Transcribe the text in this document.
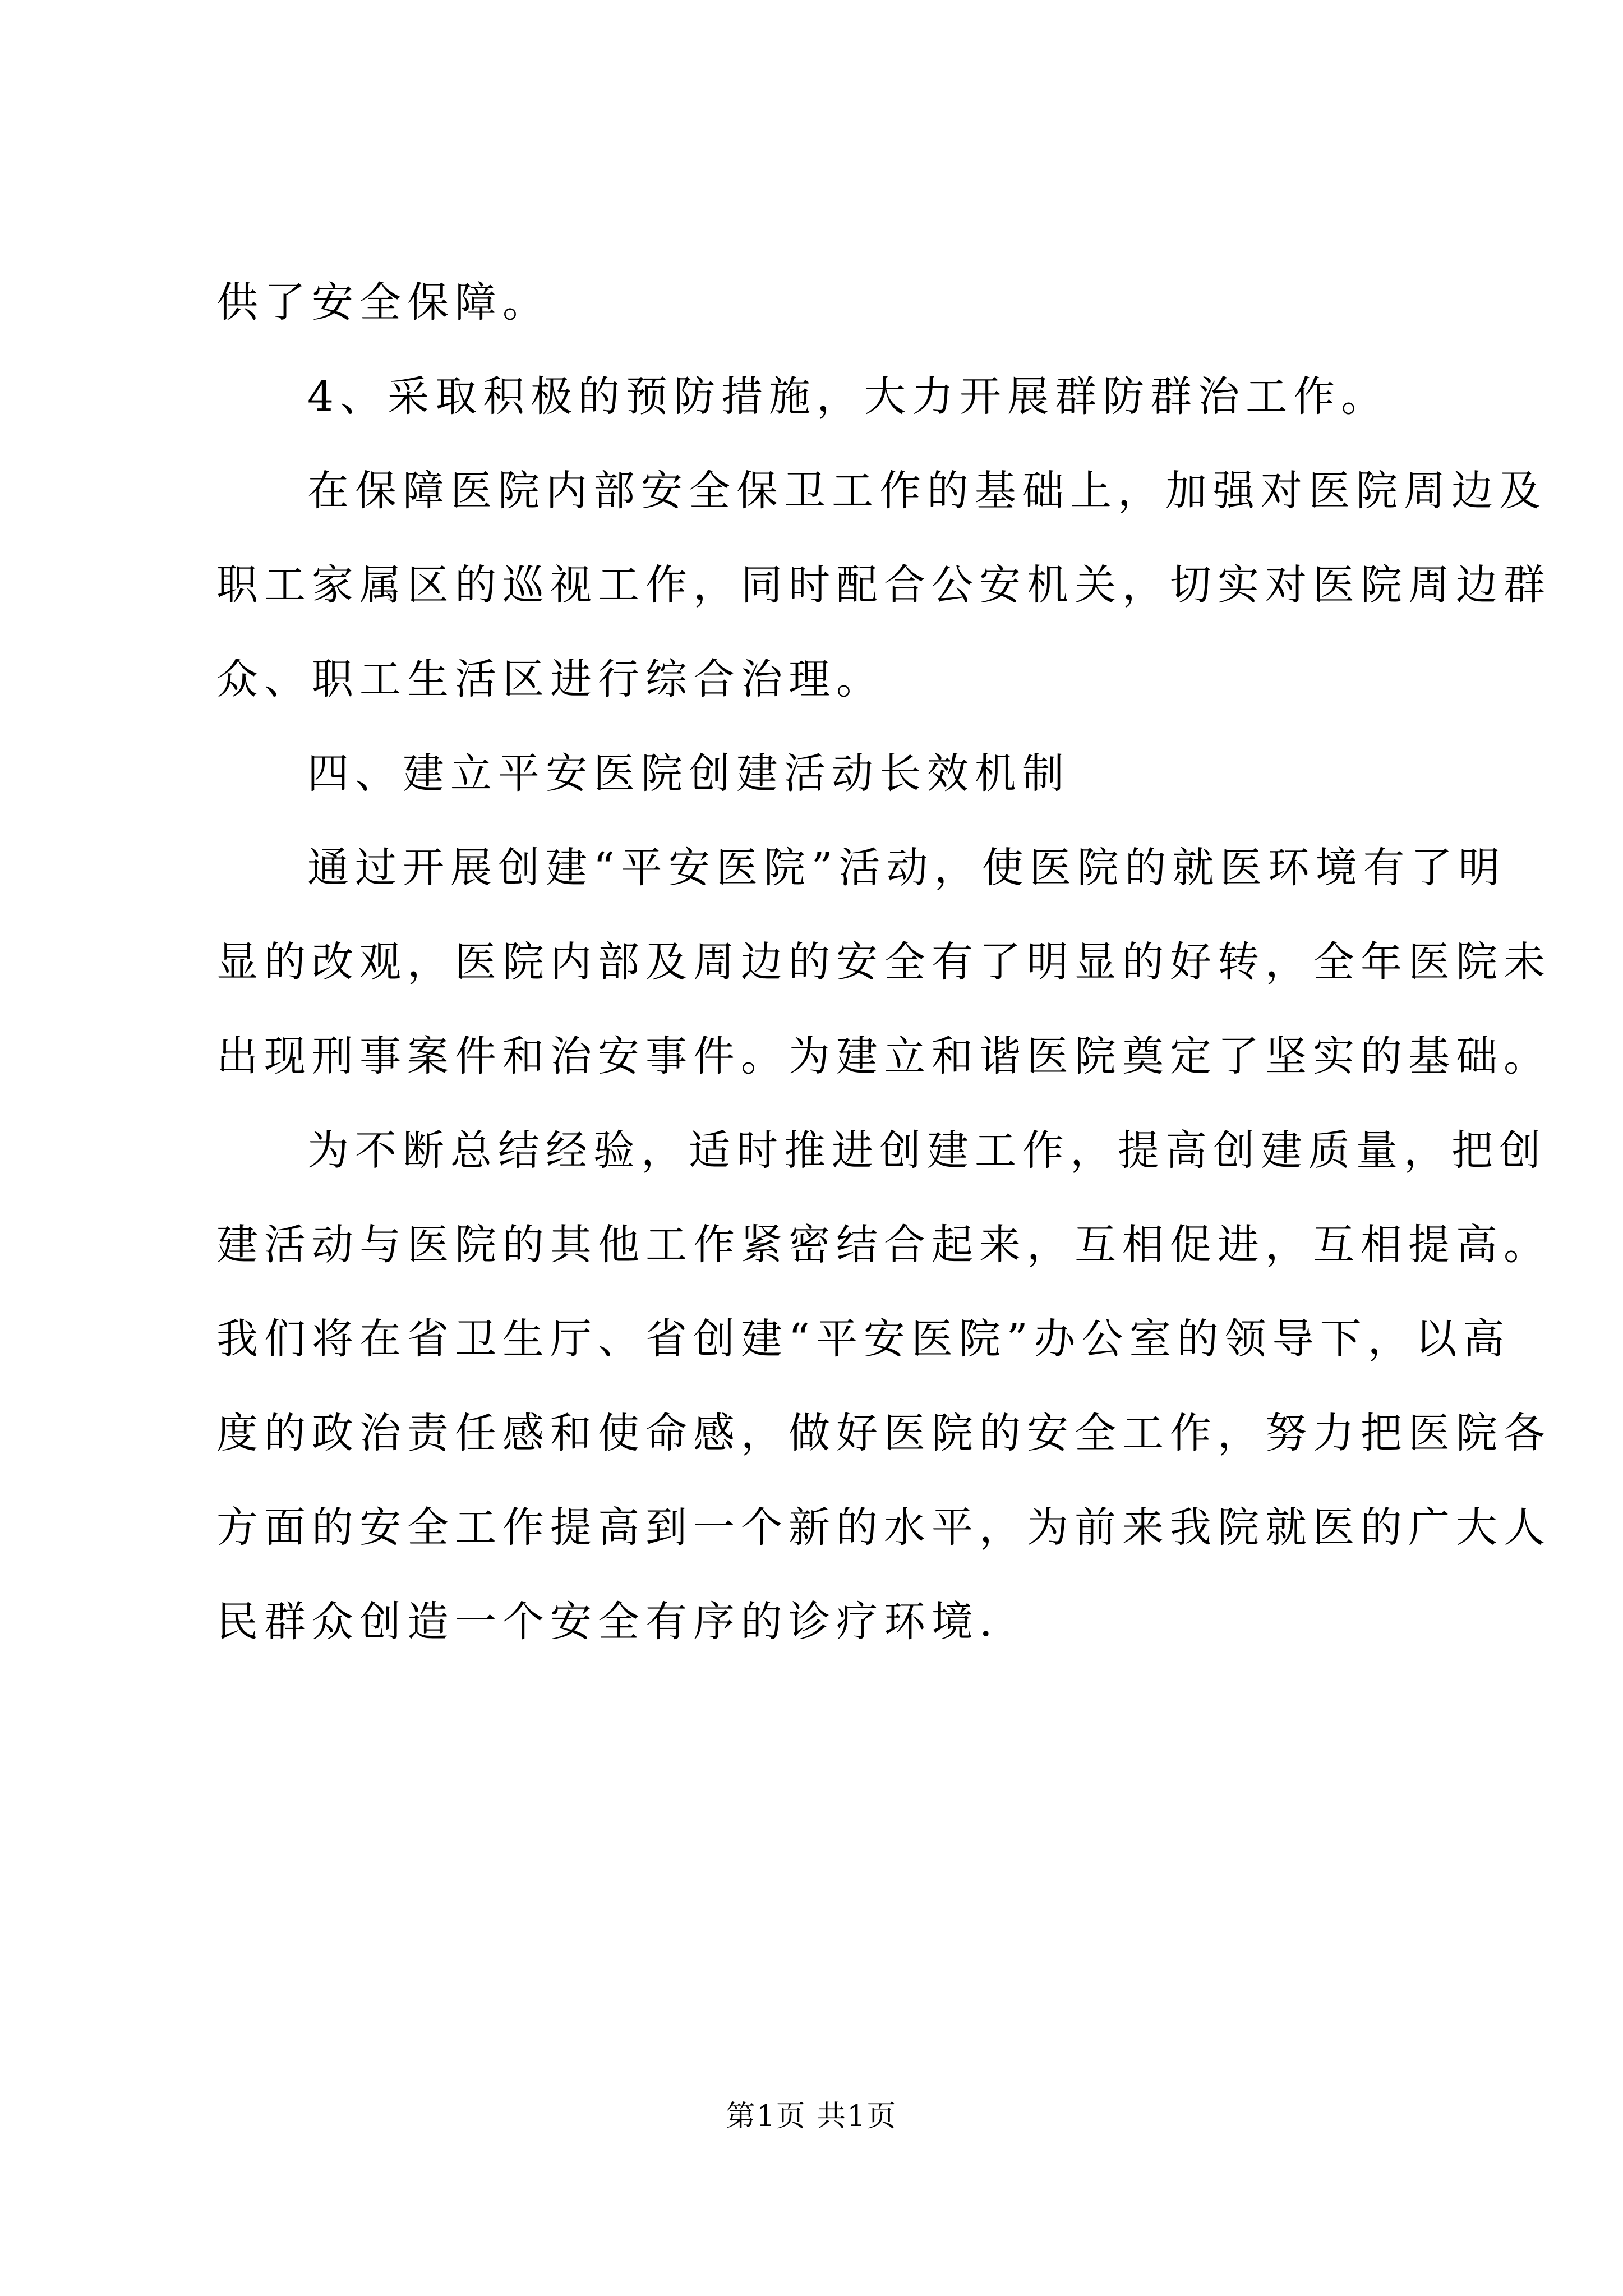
供了安全保障。
4、采取积极的预防措施，大力开展群防群治工作。
在保障医院内部安全保卫工作的基础上，加强对医院周边及
职工家属区的巡视工作，同时配合公安机关，切实对医院周边群
众、职工生活区进行综合治理。
四、建立平安医院创建活动长效机制
通过开展创建“平安医院”活动，使医院的就医环境有了明
显的改观，医院内部及周边的安全有了明显的好转，全年医院未
出现刑事案件和治安事件。为建立和谐医院奠定了坚实的基础。
为不断总结经验，适时推进创建工作，提高创建质量，把创
建活动与医院的其他工作紧密结合起来，互相促进，互相提高。
我们将在省卫生厅、省创建“平安医院”办公室的领导下，以高
度的政治责任感和使命感，做好医院的安全工作，努力把医院各
方面的安全工作提高到一个新的水平，为前来我院就医的广大人
民群众创造一个安全有序的诊疗环境.
第1页 共1页
